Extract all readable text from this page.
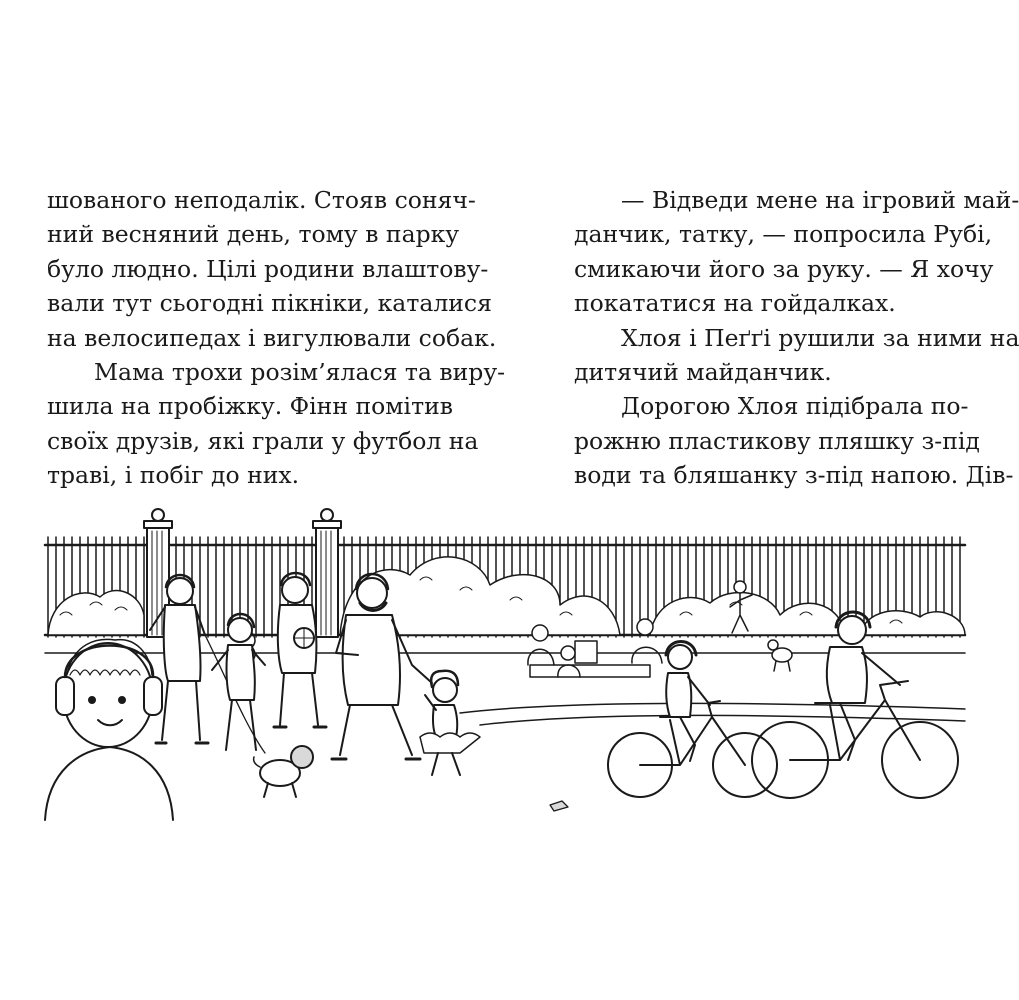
шованого неподалік. Стояв соняч-
ний весняний день, тому в парку
було людно. Цілі родини влаштову-
вали тут сьогодні пікніки, каталися
на велосипедах і вигулювали собак.
Мама трохи розім’ялася та виру-
шила на пробіжку. Фінн помітив
своїх друзів, які грали у футбол на
траві, і побіг до них.
— Відведи мене на ігровий май-
данчик, татку, — попросила Рубі,
смикаючи його за руку. — Я хочу
покататися на гойдалках.
Хлоя і Пеґґі рушили за ними на
дитячий майданчик.
Дорогою Хлоя підібрала по-
рожню пластикову пляшку з-під
води та бляшанку з-під напою. Дів-
